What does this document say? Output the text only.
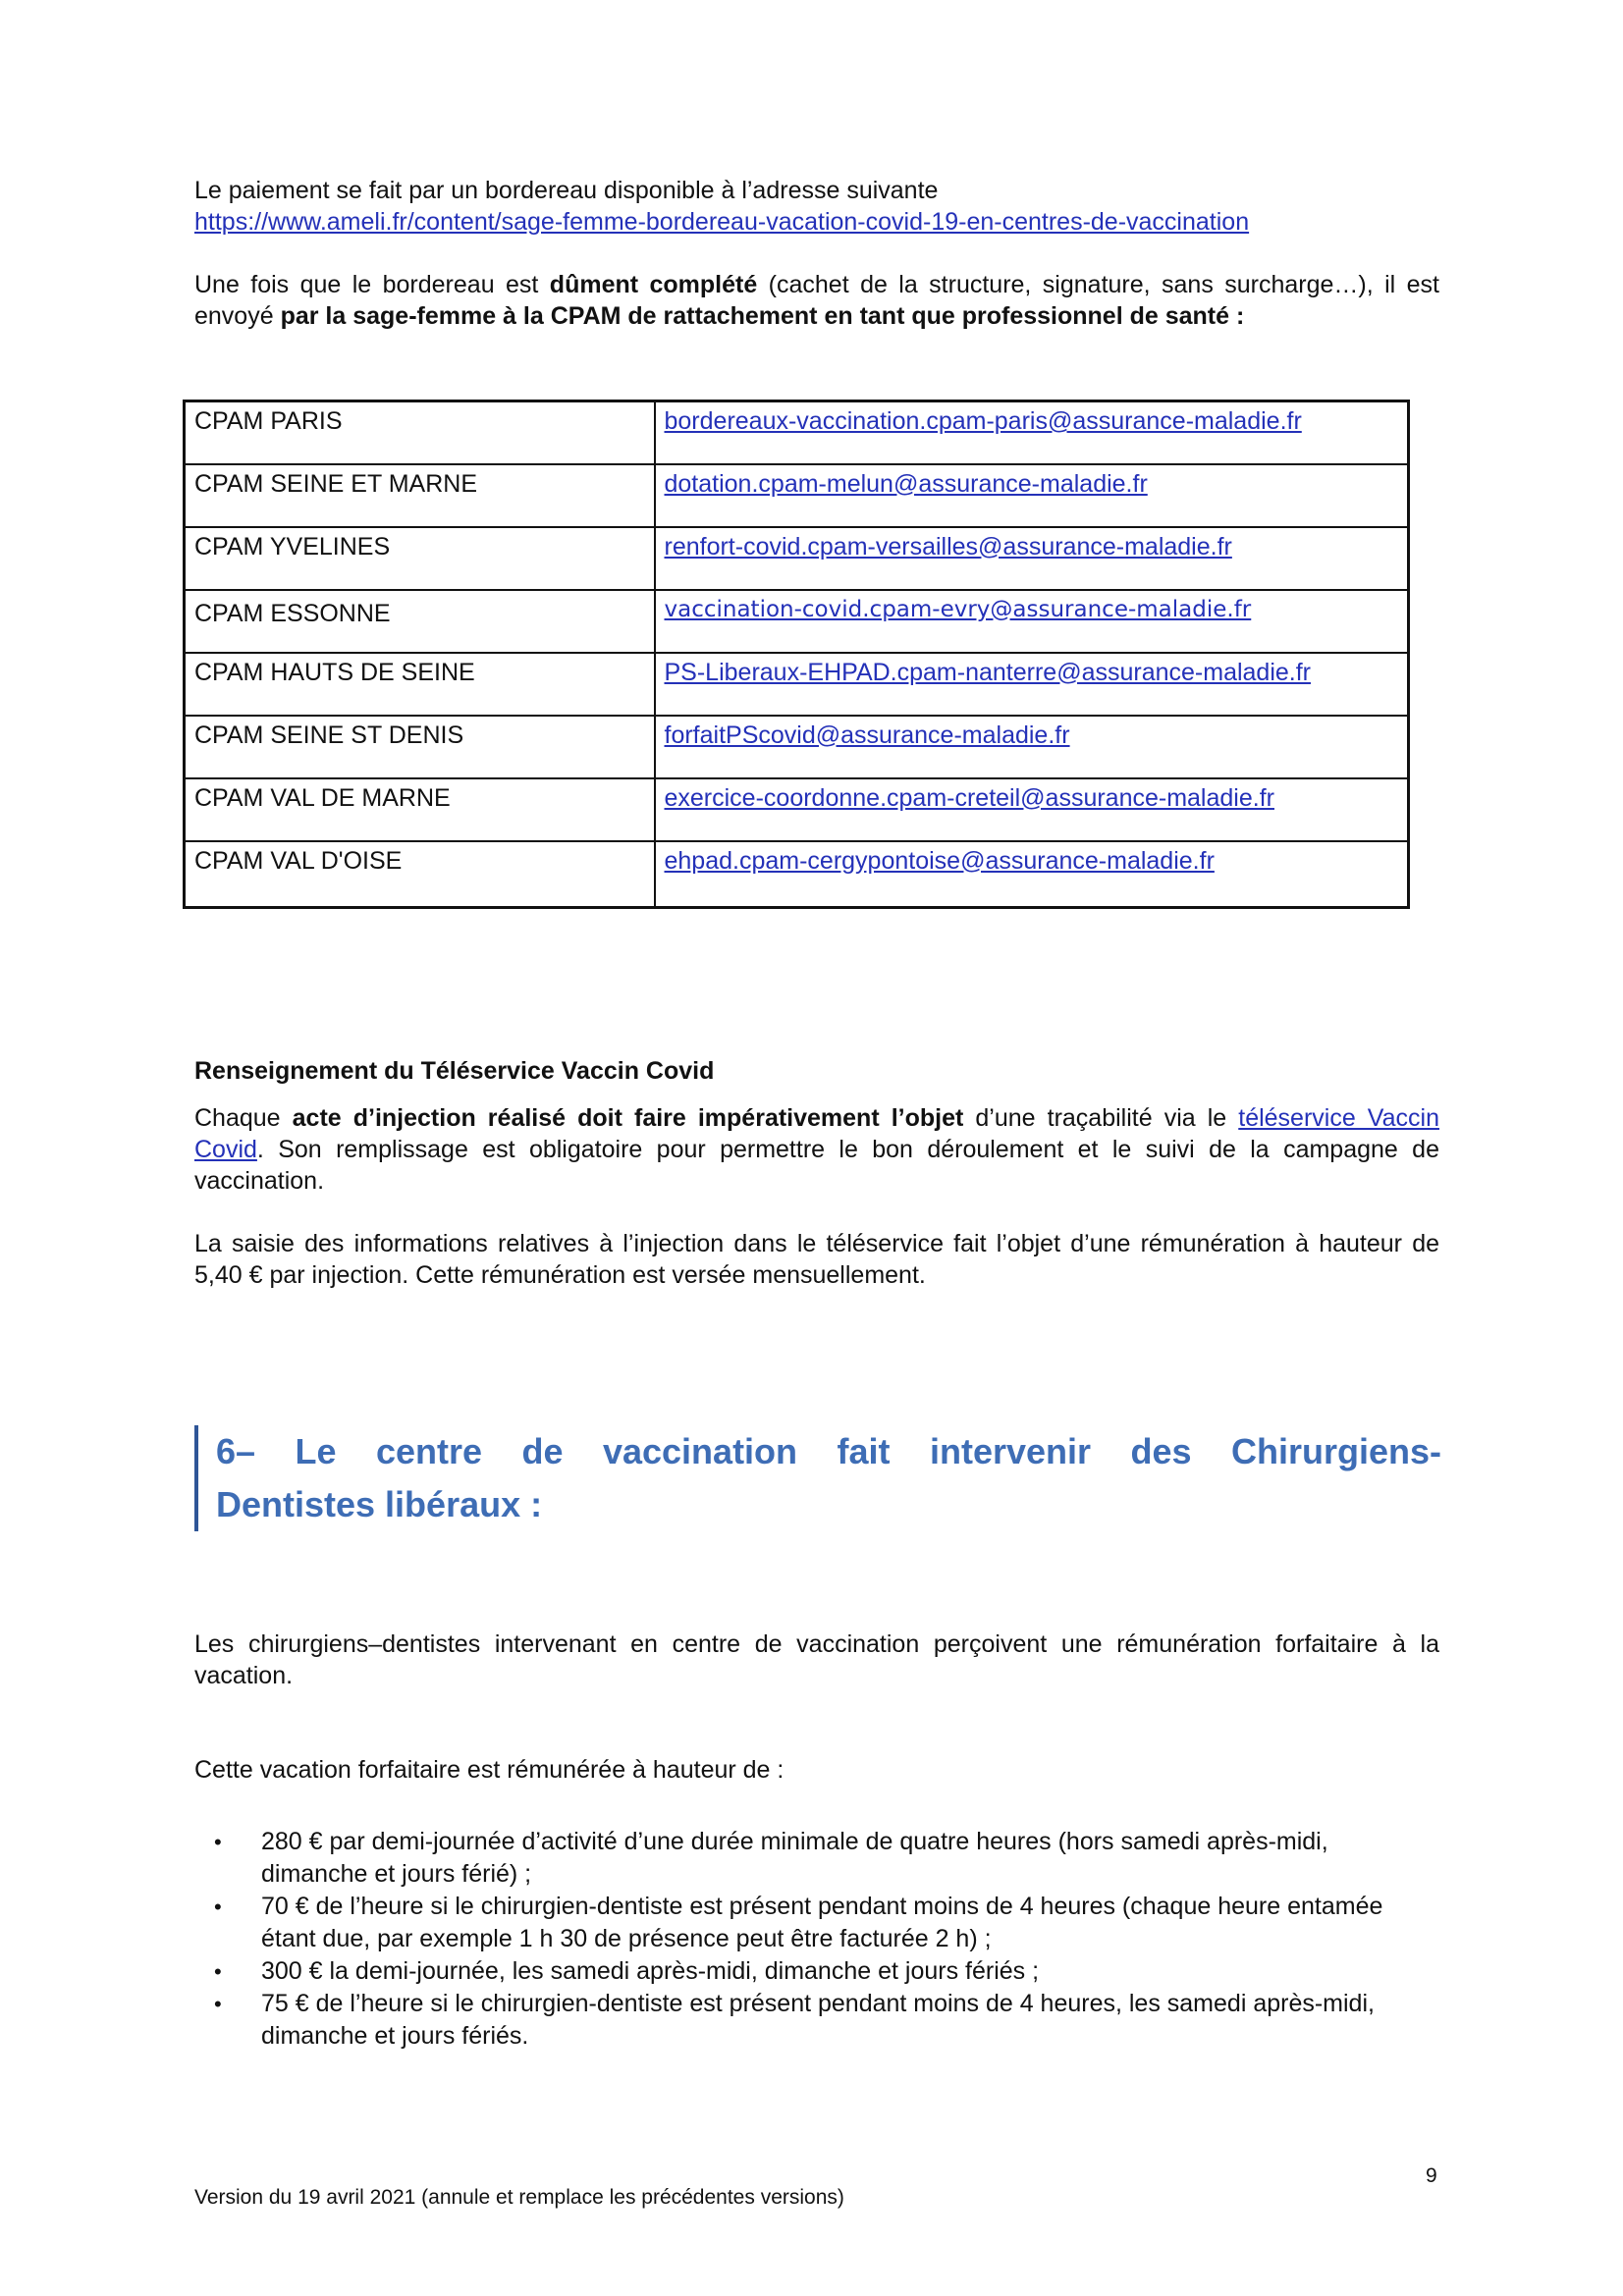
Le paiement se fait par un bordereau disponible à l’adresse suivante
https://www.ameli.fr/content/sage-femme-bordereau-vacation-covid-19-en-centres-de-vaccination
Une fois que le bordereau est dûment complété (cachet de la structure, signature, sans surcharge…), il est envoyé par la sage-femme à la CPAM de rattachement en tant que professionnel de santé :
CPAM PARIS	bordereaux-vaccination.cpam-paris@assurance-maladie.fr
CPAM SEINE ET MARNE	dotation.cpam-melun@assurance-maladie.fr
CPAM YVELINES	renfort-covid.cpam-versailles@assurance-maladie.fr
CPAM ESSONNE	vaccination-covid.cpam-evry@assurance-maladie.fr
CPAM HAUTS DE SEINE	PS-Liberaux-EHPAD.cpam-nanterre@assurance-maladie.fr
CPAM SEINE ST DENIS	forfaitPScovid@assurance-maladie.fr
CPAM VAL DE MARNE	exercice-coordonne.cpam-creteil@assurance-maladie.fr
CPAM VAL D'OISE	ehpad.cpam-cergypontoise@assurance-maladie.fr
Renseignement du Téléservice Vaccin Covid
Chaque acte d’injection réalisé doit faire impérativement l’objet d’une traçabilité via le téléservice Vaccin Covid. Son remplissage est obligatoire pour permettre le bon déroulement et le suivi de la campagne de vaccination.
La saisie des informations relatives à l’injection dans le téléservice fait l’objet d’une rémunération à hauteur de 5,40 € par injection. Cette rémunération est versée mensuellement.
6– Le centre de vaccination fait intervenir des Chirurgiens-
Dentistes libéraux :
Les chirurgiens–dentistes intervenant en centre de vaccination perçoivent une rémunération forfaitaire à la vacation.
Cette vacation forfaitaire est rémunérée à hauteur de :
• 280 € par demi-journée d’activité d’une durée minimale de quatre heures (hors samedi après-midi, dimanche et jours férié) ;
• 70 € de l’heure si le chirurgien-dentiste est présent pendant moins de 4 heures (chaque heure entamée étant due, par exemple 1 h 30 de présence peut être facturée 2 h) ;
• 300 € la demi-journée, les samedi après-midi, dimanche et jours fériés ;
• 75 € de l’heure si le chirurgien-dentiste est présent pendant moins de 4 heures, les samedi après-midi, dimanche et jours fériés.
9
Version du 19 avril 2021 (annule et remplace les précédentes versions)
